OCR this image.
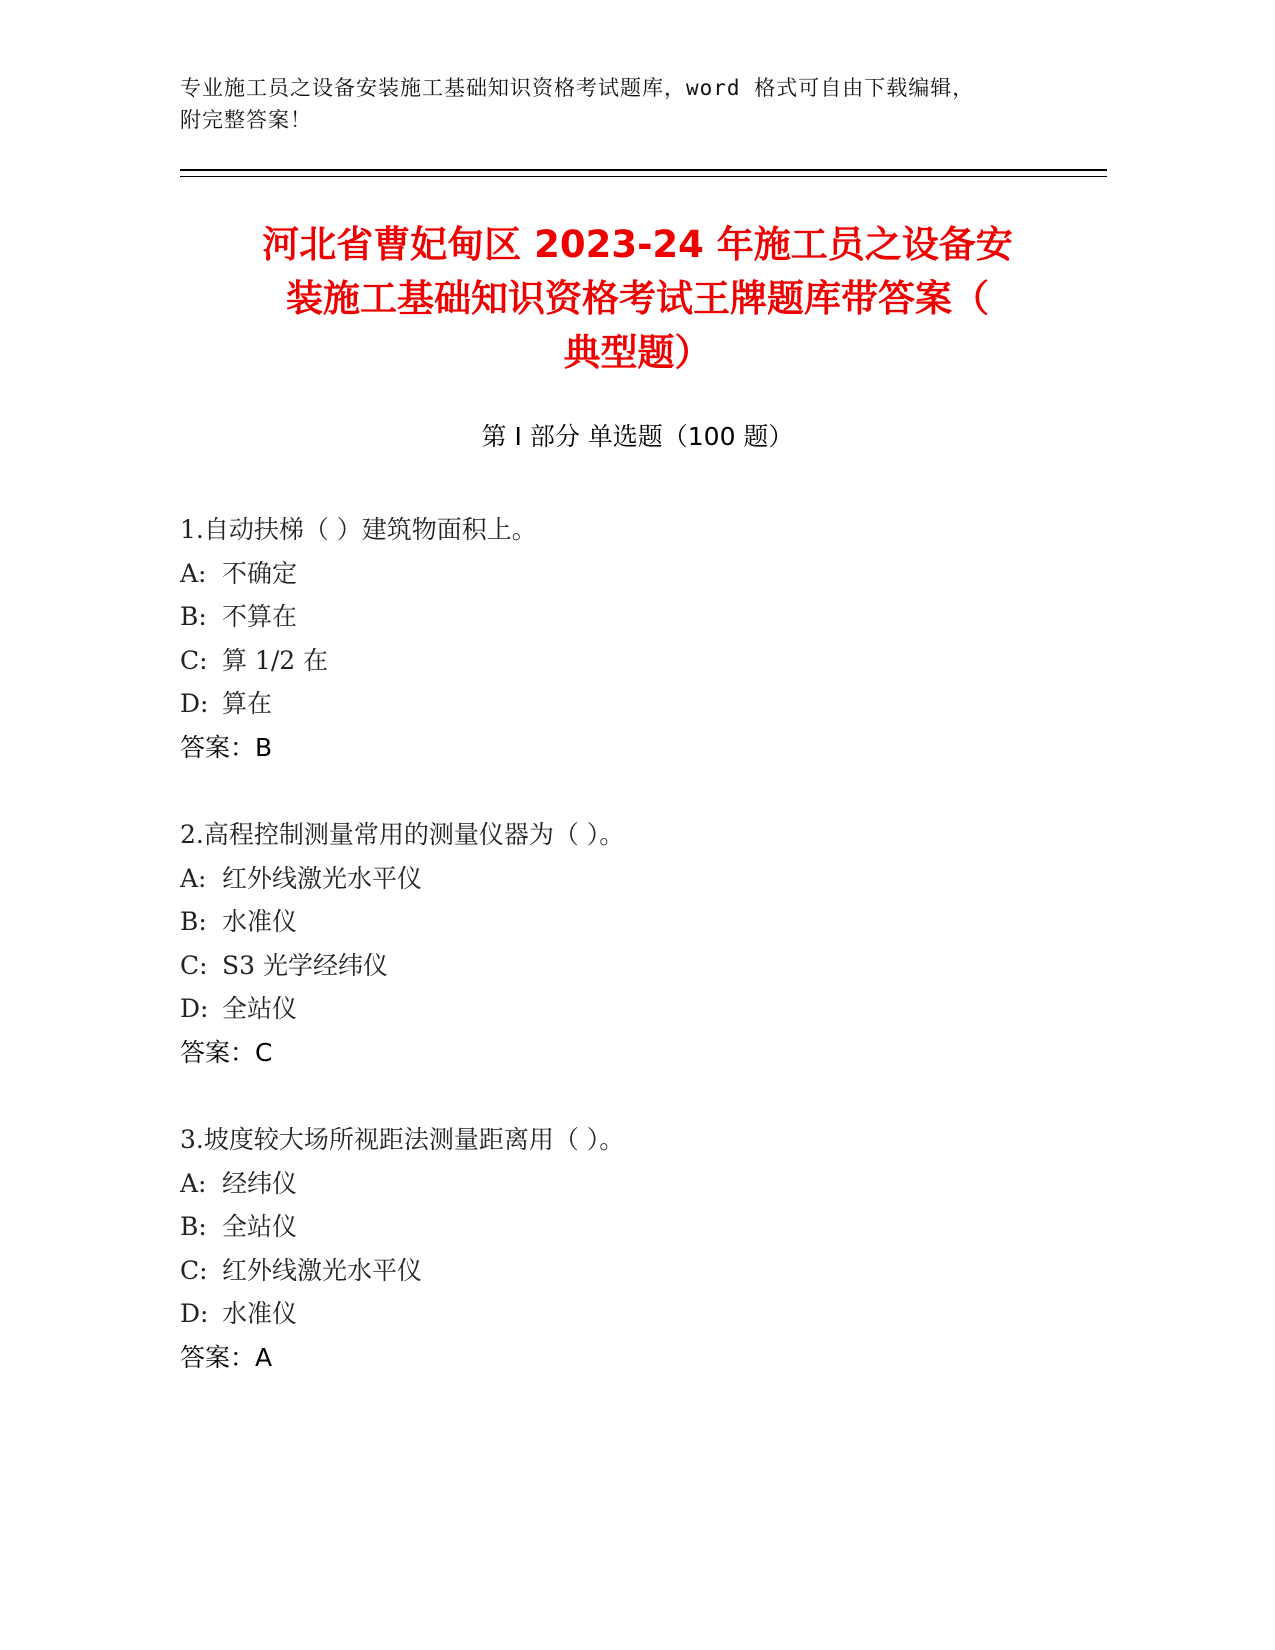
专业施工员之设备安装施工基础知识资格考试题库，word 格式可自由下载编辑，
附完整答案！
河北省曹妃甸区 2023-24 年施工员之设备安
装施工基础知识资格考试王牌题库带答案（
典型题）
第 I 部分 单选题（100 题）
1.自动扶梯（ ）建筑物面积上。
A: 不确定
B: 不算在
C: 算 1/2 在
D: 算在
答案：B
2.高程控制测量常用的测量仪器为（ ）。
A: 红外线激光水平仪
B: 水准仪
C: S3 光学经纬仪
D: 全站仪
答案：C
3.坡度较大场所视距法测量距离用（ ）。
A: 经纬仪
B: 全站仪
C: 红外线激光水平仪
D: 水准仪
答案：A
